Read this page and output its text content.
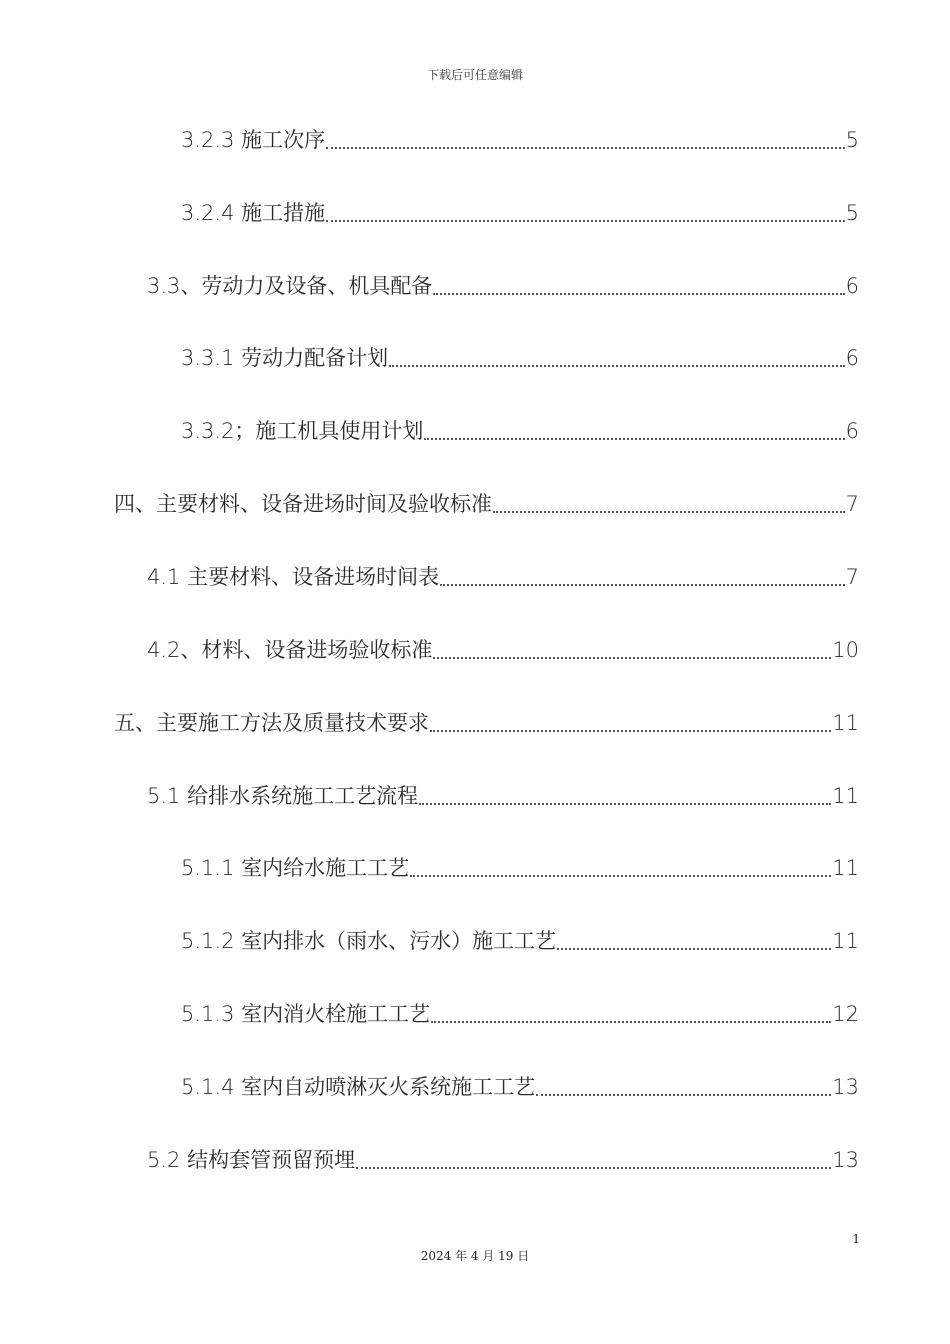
下载后可任意编辑
3.2.3 施工次序	5
3.2.4 施工措施	5
3.3、劳动力及设备、机具配备	6
3.3.1 劳动力配备计划	6
3.3.2；施工机具使用计划	6
四、主要材料、设备进场时间及验收标准	7
4.1 主要材料、设备进场时间表	7
4.2、材料、设备进场验收标准	10
五、主要施工方法及质量技术要求	11
5.1 给排水系统施工工艺流程	11
5.1.1 室内给水施工工艺	11
5.1.2 室内排水（雨水、污水）施工工艺	11
5.1.3 室内消火栓施工工艺	12
5.1.4 室内自动喷淋灭火系统施工工艺	13
5.2 结构套管预留预埋	13
1
2024 年 4 月 19 日
